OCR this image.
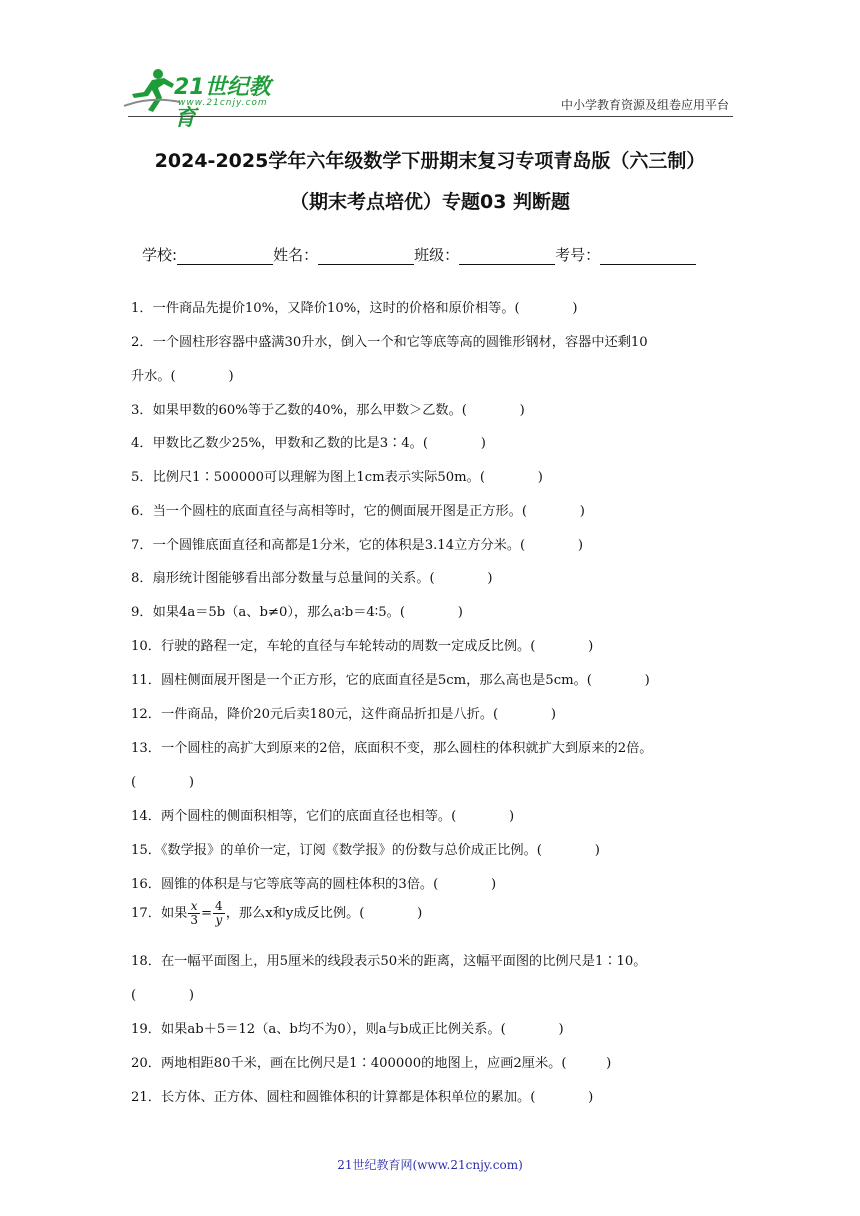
21世纪教育
www.21cnjy.com	中小学教育资源及组卷应用平台
2024-2025学年六年级数学下册期末复习专项青岛版（六三制）
（期末考点培优）专题03 判断题
学校:	姓名：	班级：	考号：
1．一件商品先提价10%，又降价10%，这时的价格和原价相等。(　　　　)
2．一个圆柱形容器中盛满30升水，倒入一个和它等底等高的圆锥形钢材，容器中还剩10
升水。(　　　　)
3．如果甲数的60%等于乙数的40%，那么甲数＞乙数。(　　　　)
4．甲数比乙数少25%，甲数和乙数的比是3∶4。(　　　　)
5．比例尺1∶500000可以理解为图上1cm表示实际50m。(　　　　)
6．当一个圆柱的底面直径与高相等时，它的侧面展开图是正方形。(　　　　)
7．一个圆锥底面直径和高都是1分米，它的体积是3.14立方分米。(　　　　)
8．扇形统计图能够看出部分数量与总量间的关系。(　　　　)
9．如果4a＝5b（a、b≠0），那么a∶b＝4∶5。(　　　　)
10．行驶的路程一定，车轮的直径与车轮转动的周数一定成反比例。(　　　　)
11．圆柱侧面展开图是一个正方形，它的底面直径是5cm，那么高也是5cm。(　　　　)
12．一件商品，降价20元后卖180元，这件商品折扣是八折。(　　　　)
13．一个圆柱的高扩大到原来的2倍，底面积不变，那么圆柱的体积就扩大到原来的2倍。
(　　　　)
14．两个圆柱的侧面积相等，它们的底面直径也相等。(　　　　)
15．《数学报》的单价一定，订阅《数学报》的份数与总价成正比例。(　　　　)
16．圆锥的体积是与它等底等高的圆柱体积的3倍。(　　　　)
17．如果 $\frac{x}{3} = \frac{4}{y}$ ，那么x和y成反比例。(　　　　)
18．在一幅平面图上，用5厘米的线段表示50米的距离，这幅平面图的比例尺是1∶10。
(　　　　)
19．如果ab＋5＝12（a、b均不为0），则a与b成正比例关系。(　　　　)
20．两地相距80千米，画在比例尺是1∶400000的地图上，应画2厘米。(　　　)
21．长方体、正方体、圆柱和圆锥体积的计算都是体积单位的累加。(　　　　)
21世纪教育网(www.21cnjy.com)
